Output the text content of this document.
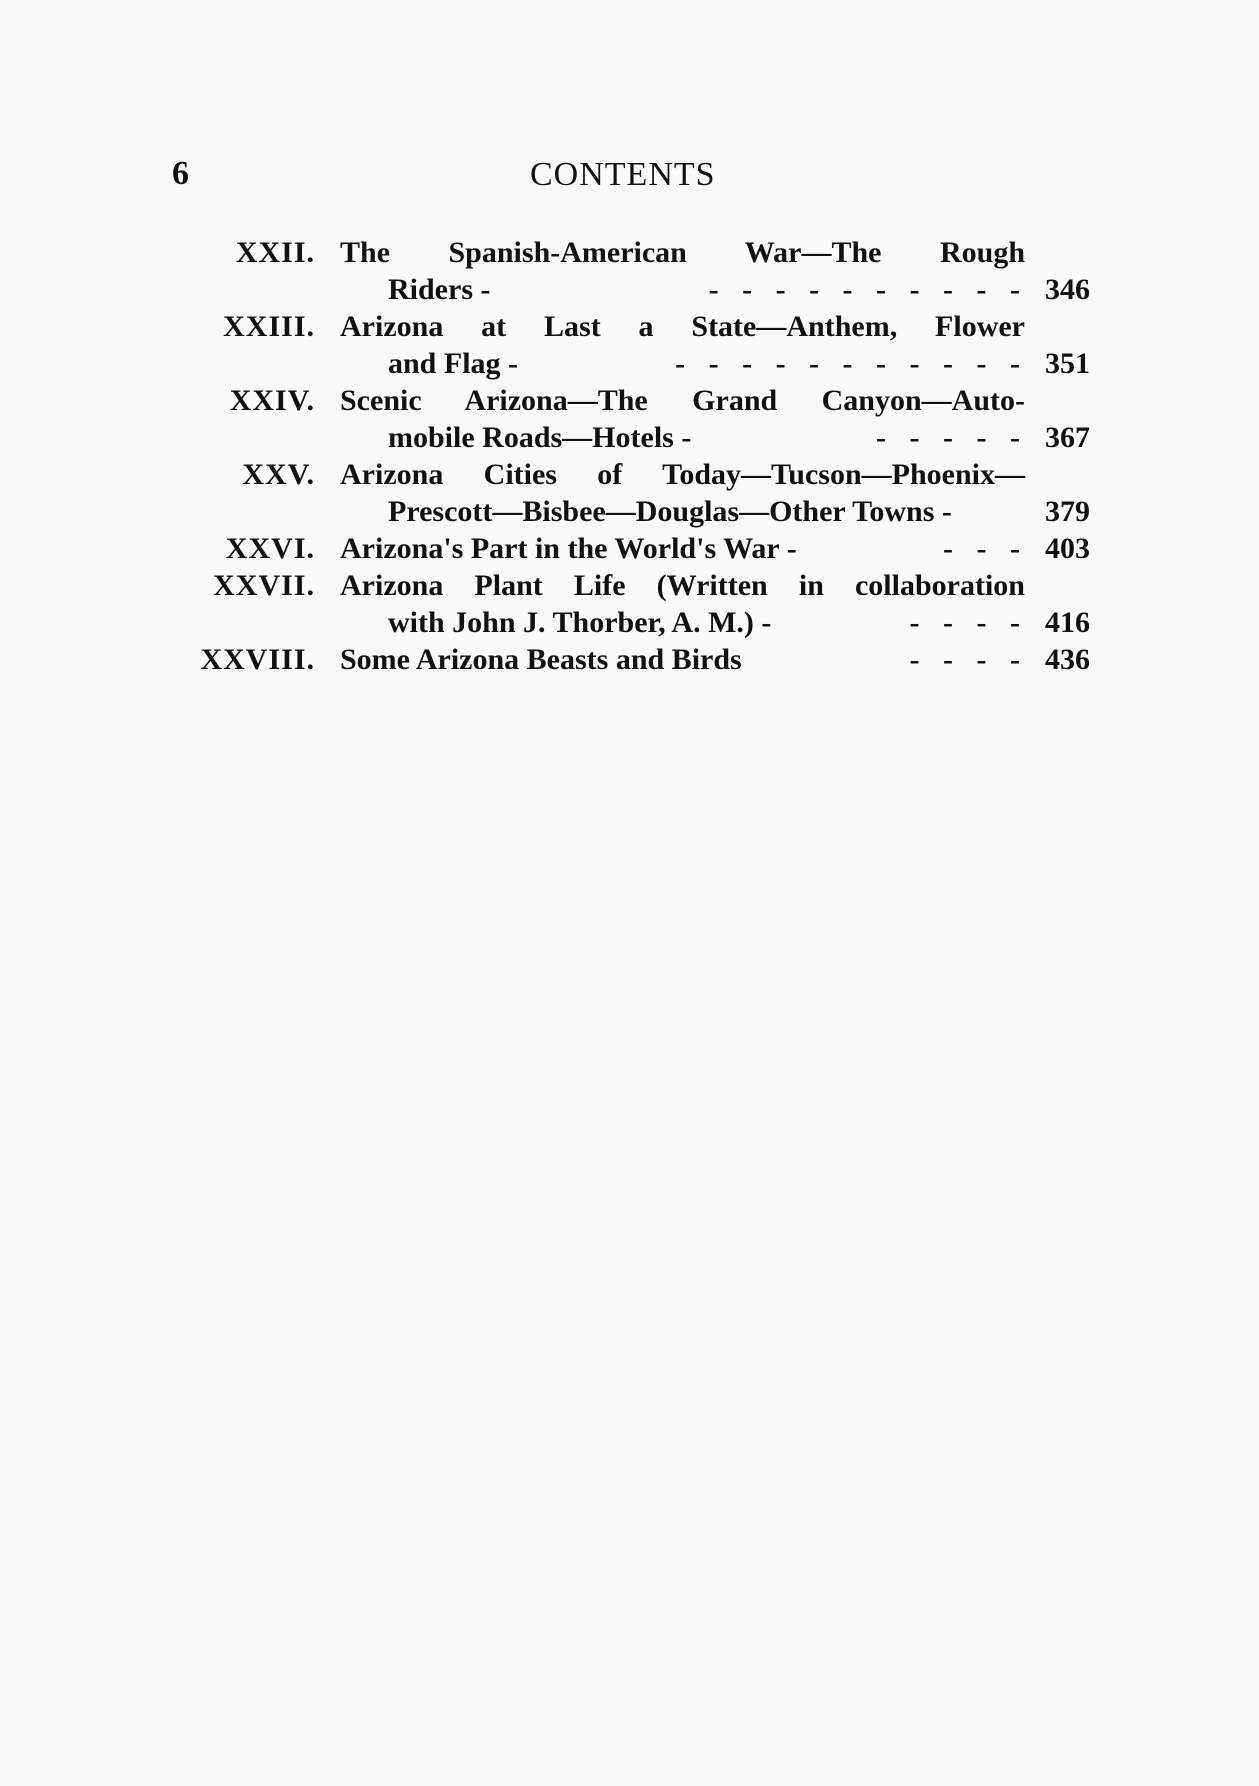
6	CONTENTS
XXII. The Spanish-American War—The Rough
Riders -	- - - - - - - - - - 346
XXIII. Arizona at Last a State—Anthem, Flower
and Flag -	- - - - - - - - - - - 351
XXIV. Scenic Arizona—The Grand Canyon—Auto-
mobile Roads—Hotels -	- - - - - 367
XXV. Arizona Cities of Today—Tucson—Phoenix—
Prescott—Bisbee—Douglas—Other Towns -	379
XXVI. Arizona's Part in the World's War -	- - - 403
XXVII. Arizona Plant Life (Written in collaboration
with John J. Thorber, A. M.) -	- - - - 416
XXVIII. Some Arizona Beasts and Birds	- - - - 436
